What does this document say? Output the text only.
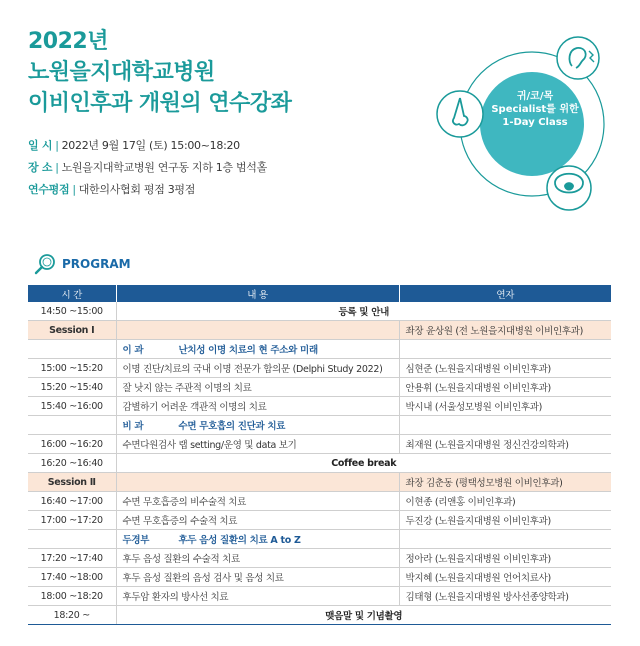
2022년
노원을지대학교병원
이비인후과 개원의 연수강좌
일 시 | 2022년 9월 17일 (토) 15:00~18:20
장 소 | 노원을지대학교병원 연구동 지하 1층 범석홀
연수평점 | 대한의사협회 평점 3평점
귀/코/목
Specialist를 위한
1-Day Class
PROGRAM
시 간	내 용	연자
14:50 ~15:00	등록 및 안내	
Session Ⅰ		좌장 윤상원 (전 노원을지대병원 이비인후과)
	이 과 난치성 이명 치료의 현 주소와 미래	
15:00 ~15:20	이명 진단/치료의 국내 이명 전문가 합의문 (Delphi Study 2022)	심현준 (노원을지대병원 이비인후과)
15:20 ~15:40	잘 낫지 않는 주관적 이명의 치료	안용휘 (노원을지대병원 이비인후과)
15:40 ~16:00	감별하기 어려운 객관적 이명의 치료	박시내 (서울성모병원 이비인후과)
	비 과 수면 무호흡의 진단과 치료	
16:00 ~16:20	수면다원검사 랩 setting/운영 및 data 보기	최재원 (노원을지대병원 정신건강의학과)
16:20 ~16:40	Coffee break	
Session Ⅱ		좌장 김춘동 (평택성모병원 이비인후과)
16:40 ~17:00	수면 무호흡증의 비수술적 치료	이현종 (리앤홍 이비인후과)
17:00 ~17:20	수면 무호흡증의 수술적 치료	두진강 (노원을지대병원 이비인후과)
	두경부 후두 음성 질환의 치료 A to Z	
17:20 ~17:40	후두 음성 질환의 수술적 치료	정아라 (노원을지대병원 이비인후과)
17:40 ~18:00	후두 음성 질환의 음성 검사 및 음성 치료	박지혜 (노원을지대병원 언어치료사)
18:00 ~18:20	후두암 환자의 방사선 치료	김태형 (노원을지대병원 방사선종양학과)
18:20 ~	맺음말 및 기념촬영	
